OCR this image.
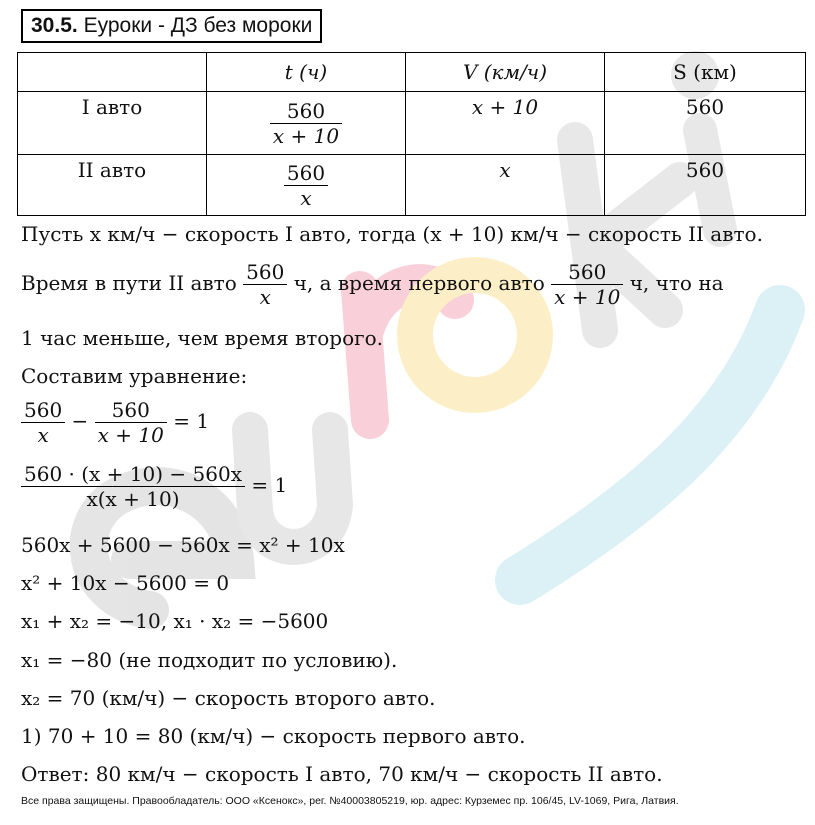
30.5. Еуроки - ДЗ без мороки
	t (ч)	V (км/ч)	S (км)
I авто	$\frac{560}{x + 10}$	x + 10	560
II авто	$\frac{560}{x}$	x	560
Пусть x км/ч − скорость I авто, тогда (x + 10) км/ч − скорость II авто.
Время в пути II авто $\frac{560}{x} ч$, а время первого авто $\frac{560}{x + 10} ч$, что на
1 час меньше, чем время второго.
Составим уравнение:
$\frac{560}{x} - \frac{560}{x + 10} = 1$
$\frac{560 \cdot (x + 10) - 560x}{x(x + 10)} = 1$
560x + 5600 − 560x = x² + 10x
x² + 10x − 5600 = 0
x₁ + x₂ = −10, x₁ · x₂ = −5600
x₁ = −80 (не подходит по условию).
x₂ = 70 (км/ч) − скорость второго авто.
1) 70 + 10 = 80 (км/ч) − скорость первого авто.
Ответ: 80 км/ч − скорость I авто, 70 км/ч − скорость II авто.
Все права защищены. Правообладатель: ООО «Ксенокс», рег. №40003805219, юр. адрес: Курземес пр. 106/45, LV-1069, Рига, Латвия.
